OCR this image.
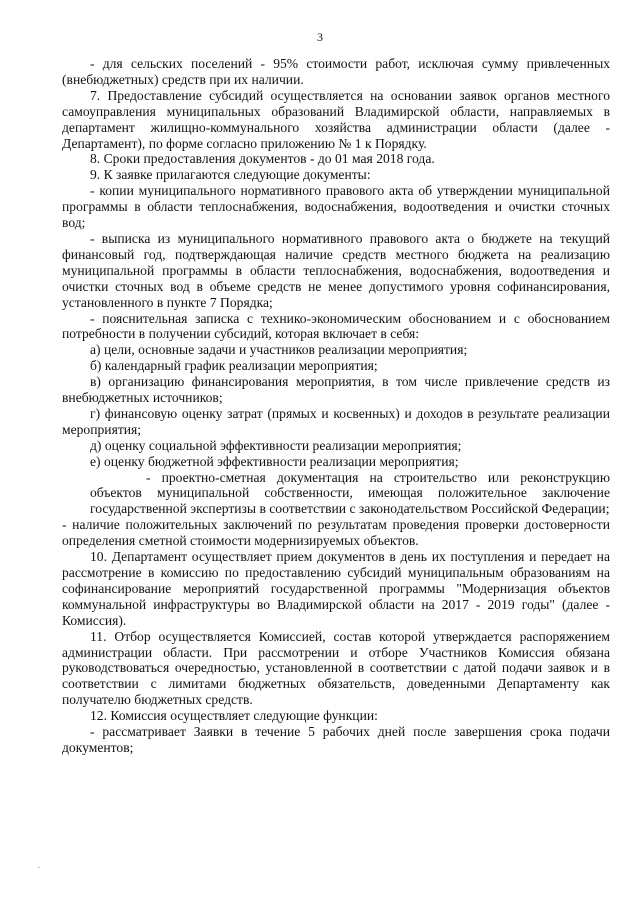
3

- для сельских поселений - 95% стоимости работ, исключая сумму привлеченных (внебюджетных) средств при их наличии.

7. Предоставление субсидий осуществляется на основании заявок органов местного самоуправления муниципальных образований Владимирской области, направляемых в департамент жилищно-коммунального хозяйства администрации области (далее - Департамент), по форме согласно приложению № 1 к Порядку.

8. Сроки предоставления документов - до 01 мая 2018 года.

9. К заявке прилагаются следующие документы:

- копии муниципального нормативного правового акта об утверждении муниципальной программы в области теплоснабжения, водоснабжения, водоотведения и очистки сточных вод;

- выписка из муниципального нормативного правового акта о бюджете на текущий финансовый год, подтверждающая наличие средств местного бюджета на реализацию муниципальной программы в области теплоснабжения, водоснабжения, водоотведения и очистки сточных вод в объеме средств не менее допустимого уровня софинансирования, установленного в пункте 7 Порядка;

- пояснительная записка с технико-экономическим обоснованием и с обоснованием потребности в получении субсидий, которая включает в себя:

а) цели, основные задачи и участников реализации мероприятия;

б) календарный график реализации мероприятия;

в) организацию финансирования мероприятия, в том числе привлечение средств из внебюджетных источников;

г) финансовую оценку затрат (прямых и косвенных) и доходов в результате реализации мероприятия;

д) оценку социальной эффективности реализации мероприятия;

е) оценку бюджетной эффективности реализации мероприятия;

- проектно-сметная документация на строительство или реконструкцию объектов муниципальной собственности, имеющая положительное заключение государственной экспертизы в соответствии с законодательством Российской Федерации;

- наличие положительных заключений по результатам проведения проверки достоверности определения сметной стоимости модернизируемых объектов.

10. Департамент осуществляет прием документов в день их поступления и передает на рассмотрение в комиссию по предоставлению субсидий муниципальным образованиям на софинансирование мероприятий государственной программы "Модернизация объектов коммунальной инфраструктуры во Владимирской области на 2017 - 2019 годы" (далее - Комиссия).

11. Отбор осуществляется Комиссией, состав которой утверждается распоряжением администрации области. При рассмотрении и отборе Участников Комиссия обязана руководствоваться очередностью, установленной в соответствии с датой подачи заявок и в соответствии с лимитами бюджетных обязательств, доведенными Департаменту как получателю бюджетных средств.

12. Комиссия осуществляет следующие функции:

- рассматривает Заявки в течение 5 рабочих дней после завершения срока подачи документов;

.
